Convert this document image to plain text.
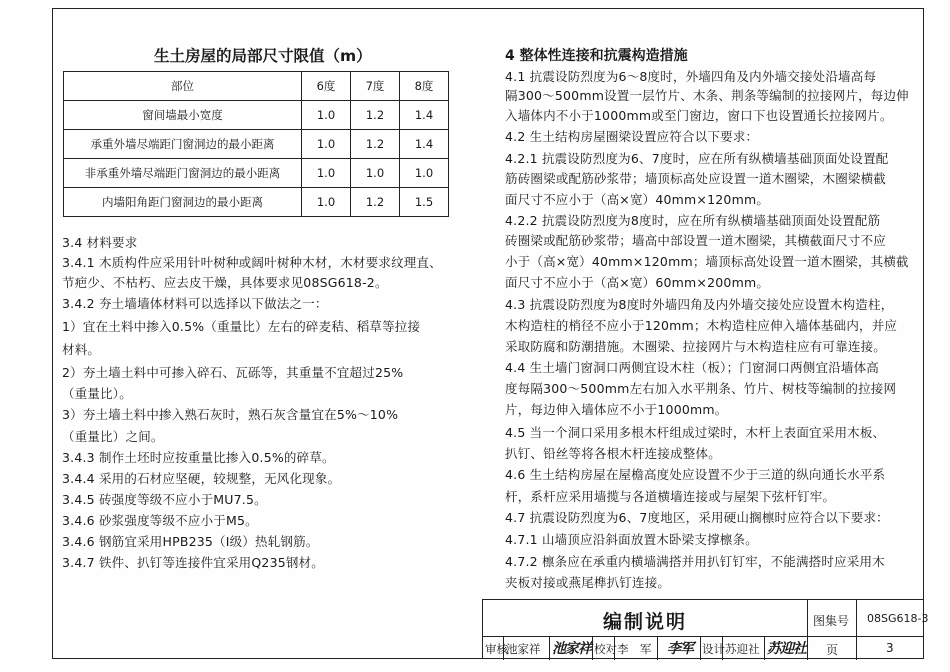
生土房屋的局部尺寸限值（m）
部位	6度	7度	8度
窗间墙最小宽度	1.0	1.2	1.4
承重外墙尽端距门窗洞边的最小距离	1.0	1.2	1.4
非承重外墙尽端距门窗洞边的最小距离	1.0	1.0	1.0
内墙阳角距门窗洞边的最小距离	1.0	1.2	1.5
3.4 材料要求
3.4.1 木质构件应采用针叶树种或阔叶树种木材，木材要求纹理直、
节疤少、不枯朽、应去皮干燥，具体要求见08SG618-2。
3.4.2 夯土墙墙体材料可以选择以下做法之一：
1）宜在土料中掺入0.5%（重量比）左右的碎麦秸、稻草等拉接
材料。
2）夯土墙土料中可掺入碎石、瓦砾等，其重量不宜超过25%
（重量比）。
3）夯土墙土料中掺入熟石灰时，熟石灰含量宜在5%～10%
（重量比）之间。
3.4.3 制作土坯时应按重量比掺入0.5%的碎草。
3.4.4 采用的石材应坚硬，较规整，无风化现象。
3.4.5 砖强度等级不应小于MU7.5。
3.4.6 砂浆强度等级不应小于M5。
3.4.6 钢筋宜采用HPB235（I级）热轧钢筋。
3.4.7 铁件、扒钉等连接件宜采用Q235钢材。
4 整体性连接和抗震构造措施
4.1 抗震设防烈度为6～8度时，外墙四角及内外墙交接处沿墙高每
隔300～500mm设置一层竹片、木条、荆条等编制的拉接网片，每边伸
入墙体内不小于1000mm或至门窗边，窗口下也设置通长拉接网片。
4.2 生土结构房屋圈梁设置应符合以下要求：
4.2.1 抗震设防烈度为6、7度时，应在所有纵横墙基础顶面处设置配
筋砖圈梁或配筋砂浆带；墙顶标高处应设置一道木圈梁，木圈梁横截
面尺寸不应小于（高×宽）40mm×120mm。
4.2.2 抗震设防烈度为8度时，应在所有纵横墙基础顶面处设置配筋
砖圈梁或配筋砂浆带；墙高中部设置一道木圈梁，其横截面尺寸不应
小于（高×宽）40mm×120mm；墙顶标高处设置一道木圈梁，其横截
面尺寸不应小于（高×宽）60mm×200mm。
4.3 抗震设防烈度为8度时外墙四角及内外墙交接处应设置木构造柱，
木构造柱的梢径不应小于120mm；木构造柱应伸入墙体基础内，并应
采取防腐和防潮措施。木圈梁、拉接网片与木构造柱应有可靠连接。
4.4 生土墙门窗洞口两侧宜设木柱（板）；门窗洞口两侧宜沿墙体高
度每隔300～500mm左右加入水平荆条、竹片、树枝等编制的拉接网
片，每边伸入墙体应不小于1000mm。
4.5 当一个洞口采用多根木杆组成过梁时，木杆上表面宜采用木板、
扒钉、铅丝等将各根木杆连接成整体。
4.6 生土结构房屋在屋檐高度处应设置不少于三道的纵向通长水平系
杆，系杆应采用墙揽与各道横墙连接或与屋架下弦杆钉牢。
4.7 抗震设防烈度为6、7度地区，采用硬山搁檩时应符合以下要求：
4.7.1 山墙顶应沿斜面放置木卧梁支撑檩条。
4.7.2 檩条应在承重内横墙满搭并用扒钉钉牢，不能满搭时应采用木
夹板对接或燕尾榫扒钉连接。
编制说明	图集号 08SG618-3
审核
池家祥 池家祥 校对 李　军 李军 设计 苏迎社 苏迎社 页	3
